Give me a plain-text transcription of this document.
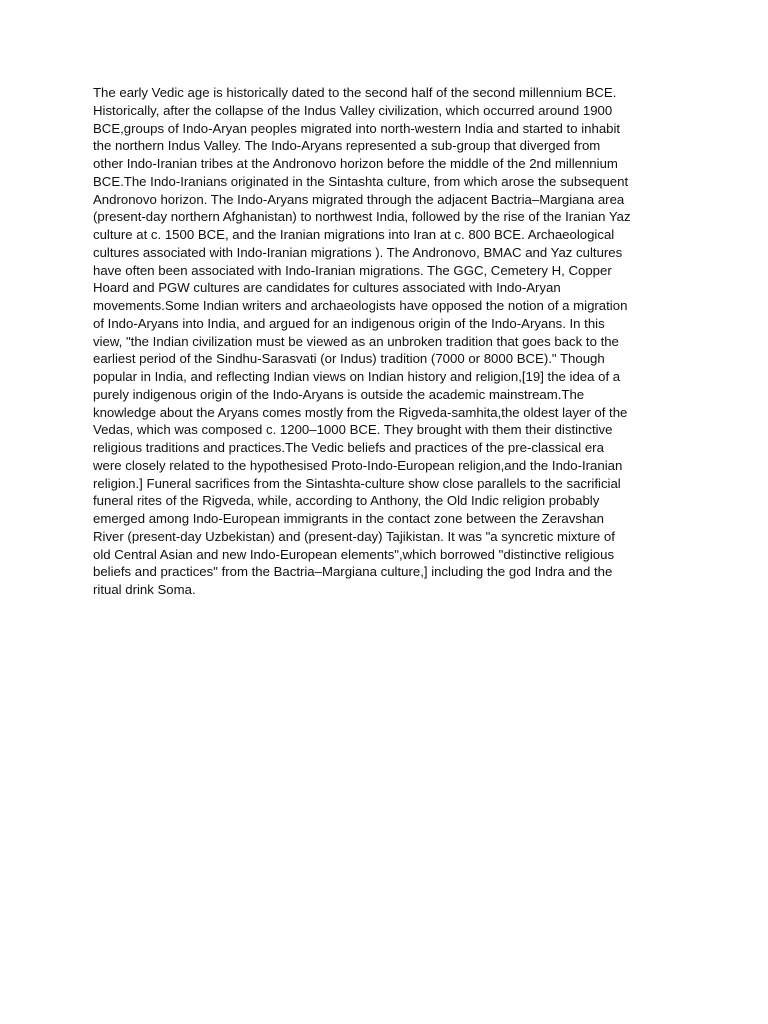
The early Vedic age is historically dated to the second half of the second millennium BCE.
Historically, after the collapse of the Indus Valley civilization, which occurred around 1900
BCE,groups of Indo-Aryan peoples migrated into north-western India and started to inhabit
the northern Indus Valley. The Indo-Aryans represented a sub-group that diverged from
other Indo-Iranian tribes at the Andronovo horizon before the middle of the 2nd millennium
BCE.The Indo-Iranians originated in the Sintashta culture, from which arose the subsequent
Andronovo horizon. The Indo-Aryans migrated through the adjacent Bactria–Margiana area
(present-day northern Afghanistan) to northwest India, followed by the rise of the Iranian Yaz
culture at c. 1500 BCE, and the Iranian migrations into Iran at c. 800 BCE. Archaeological
cultures associated with Indo-Iranian migrations ). The Andronovo, BMAC and Yaz cultures
have often been associated with Indo-Iranian migrations. The GGC, Cemetery H, Copper
Hoard and PGW cultures are candidates for cultures associated with Indo-Aryan
movements.Some Indian writers and archaeologists have opposed the notion of a migration
of Indo-Aryans into India, and argued for an indigenous origin of the Indo-Aryans. In this
view, "the Indian civilization must be viewed as an unbroken tradition that goes back to the
earliest period of the Sindhu-Sarasvati (or Indus) tradition (7000 or 8000 BCE)." Though
popular in India, and reflecting Indian views on Indian history and religion,[19] the idea of a
purely indigenous origin of the Indo-Aryans is outside the academic mainstream.The
knowledge about the Aryans comes mostly from the Rigveda-samhita,the oldest layer of the
Vedas, which was composed c. 1200–1000 BCE. They brought with them their distinctive
religious traditions and practices.The Vedic beliefs and practices of the pre-classical era
were closely related to the hypothesised Proto-Indo-European religion,and the Indo-Iranian
religion.] Funeral sacrifices from the Sintashta-culture show close parallels to the sacrificial
funeral rites of the Rigveda, while, according to Anthony, the Old Indic religion probably
emerged among Indo-European immigrants in the contact zone between the Zeravshan
River (present-day Uzbekistan) and (present-day) Tajikistan. It was "a syncretic mixture of
old Central Asian and new Indo-European elements",which borrowed "distinctive religious
beliefs and practices" from the Bactria–Margiana culture,] including the god Indra and the
ritual drink Soma.
